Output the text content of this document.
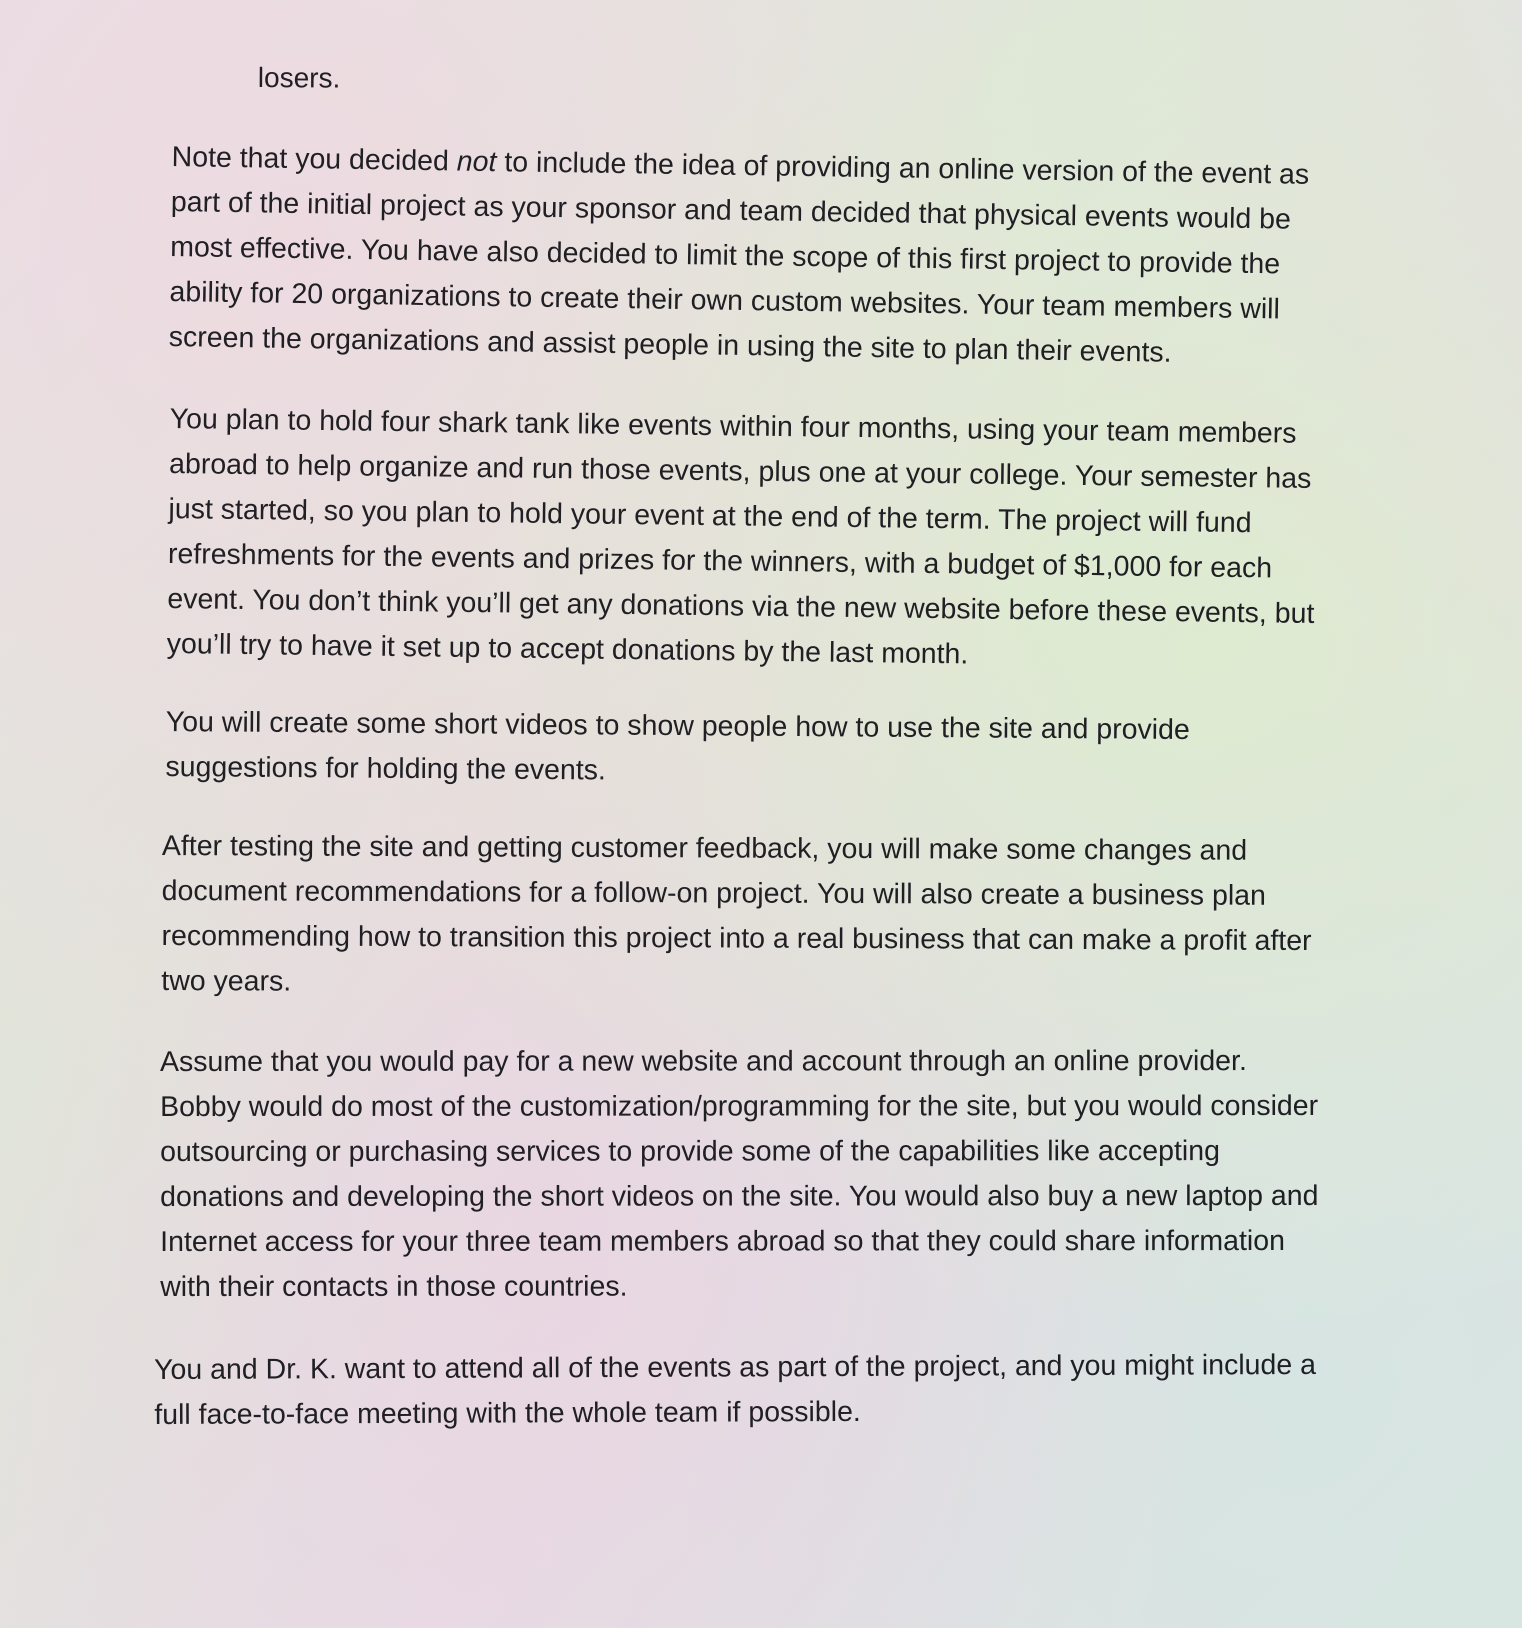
losers.

Note that you decided not to include the idea of providing an online version of the event as
part of the initial project as your sponsor and team decided that physical events would be
most effective. You have also decided to limit the scope of this first project to provide the
ability for 20 organizations to create their own custom websites. Your team members will
screen the organizations and assist people in using the site to plan their events.

You plan to hold four shark tank like events within four months, using your team members
abroad to help organize and run those events, plus one at your college. Your semester has
just started, so you plan to hold your event at the end of the term. The project will fund
refreshments for the events and prizes for the winners, with a budget of $1,000 for each
event. You don’t think you’ll get any donations via the new website before these events, but
you’ll try to have it set up to accept donations by the last month.

You will create some short videos to show people how to use the site and provide
suggestions for holding the events.

After testing the site and getting customer feedback, you will make some changes and
document recommendations for a follow-on project. You will also create a business plan
recommending how to transition this project into a real business that can make a profit after
two years.

Assume that you would pay for a new website and account through an online provider.
Bobby would do most of the customization/programming for the site, but you would consider
outsourcing or purchasing services to provide some of the capabilities like accepting
donations and developing the short videos on the site. You would also buy a new laptop and
Internet access for your three team members abroad so that they could share information
with their contacts in those countries.

You and Dr. K. want to attend all of the events as part of the project, and you might include a
full face-to-face meeting with the whole team if possible.
